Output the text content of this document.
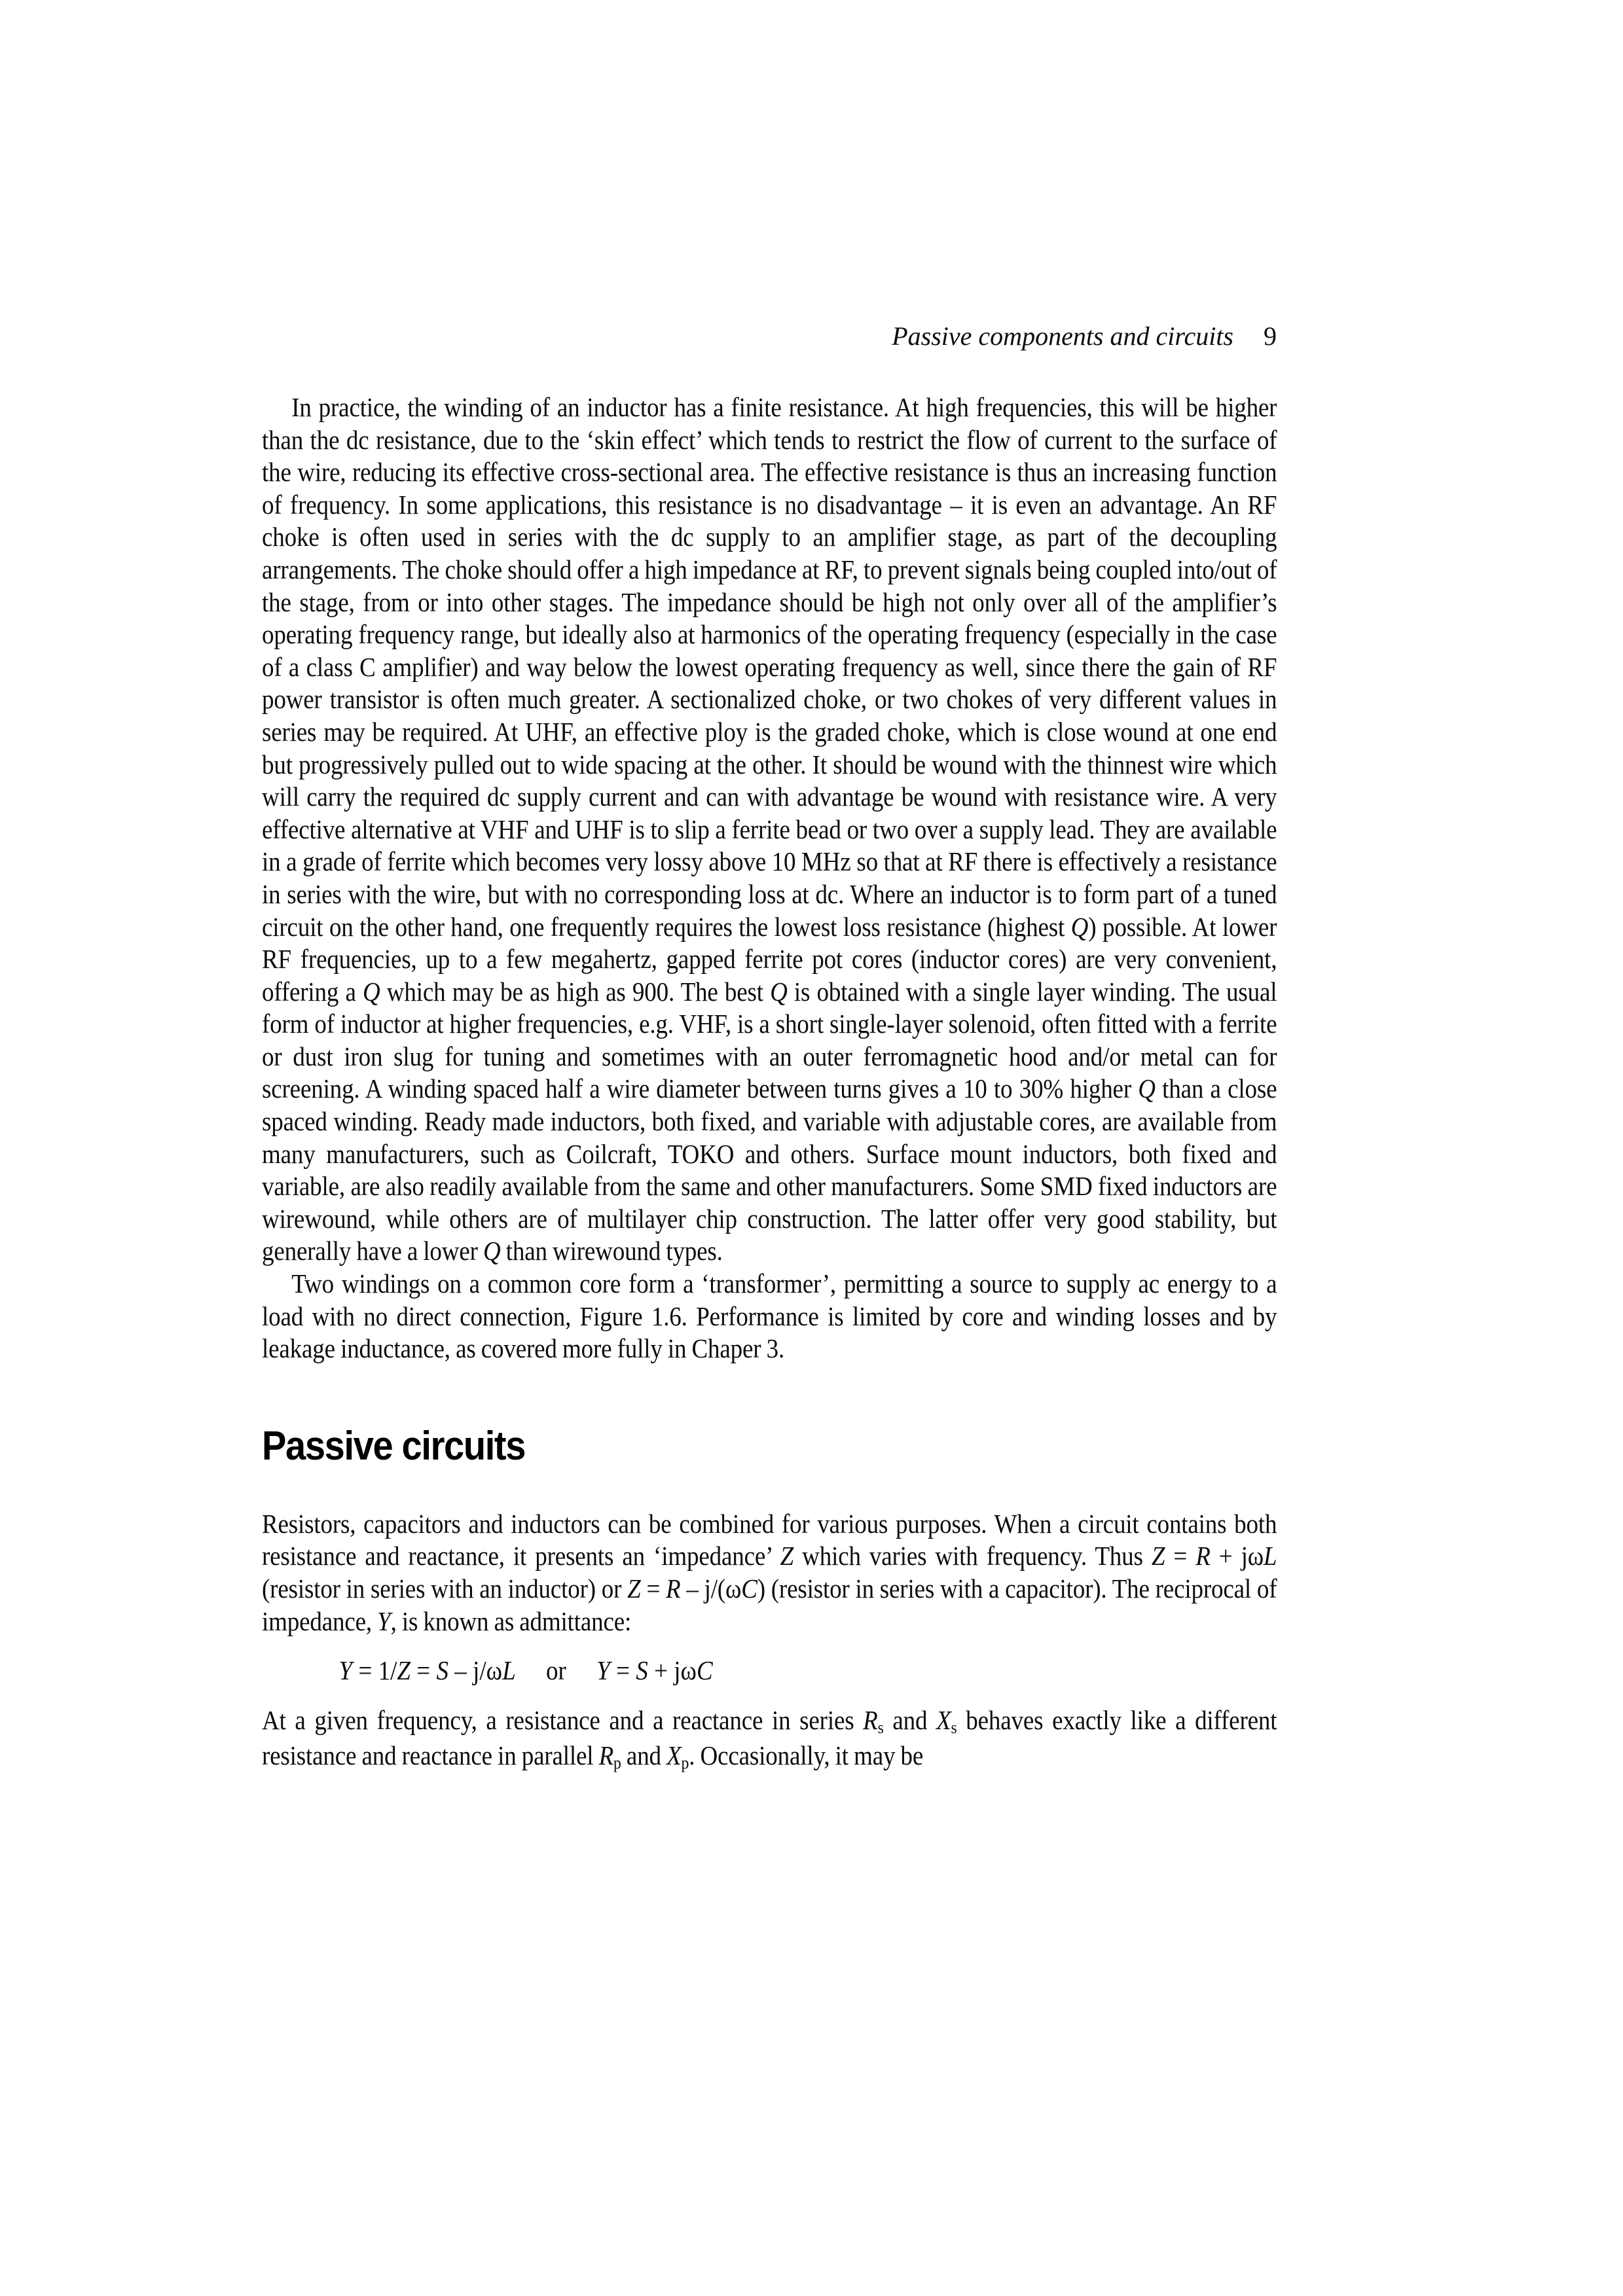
Passive components and circuits 9

In practice, the winding of an inductor has a finite resistance. At high frequencies, this will be higher than the dc resistance, due to the ‘skin effect’ which tends to restrict the flow of current to the surface of the wire, reducing its effective cross-sectional area. The effective resistance is thus an increasing function of frequency. In some applications, this resistance is no disadvantage – it is even an advantage. An RF choke is often used in series with the dc supply to an amplifier stage, as part of the decoupling arrangements. The choke should offer a high impedance at RF, to prevent signals being coupled into/out of the stage, from or into other stages. The impedance should be high not only over all of the amplifier’s operating frequency range, but ideally also at harmonics of the operating frequency (especially in the case of a class C amplifier) and way below the lowest operating frequency as well, since there the gain of RF power transistor is often much greater. A sectionalized choke, or two chokes of very different values in series may be required. At UHF, an effective ploy is the graded choke, which is close wound at one end but progressively pulled out to wide spacing at the other. It should be wound with the thinnest wire which will carry the required dc supply current and can with advantage be wound with resistance wire. A very effective alternative at VHF and UHF is to slip a ferrite bead or two over a supply lead. They are available in a grade of ferrite which becomes very lossy above 10 MHz so that at RF there is effectively a resistance in series with the wire, but with no corresponding loss at dc. Where an inductor is to form part of a tuned circuit on the other hand, one frequently requires the lowest loss resistance (highest Q) possible. At lower RF frequencies, up to a few megahertz, gapped ferrite pot cores (inductor cores) are very convenient, offering a Q which may be as high as 900. The best Q is obtained with a single layer winding. The usual form of inductor at higher frequencies, e.g. VHF, is a short single-layer solenoid, often fitted with a ferrite or dust iron slug for tuning and sometimes with an outer ferromagnetic hood and/or metal can for screening. A winding spaced half a wire diameter between turns gives a 10 to 30% higher Q than a close spaced winding. Ready made inductors, both fixed, and variable with adjustable cores, are available from many manufacturers, such as Coilcraft, TOKO and others. Surface mount inductors, both fixed and variable, are also readily available from the same and other manufacturers. Some SMD fixed inductors are wirewound, while others are of multilayer chip construction. The latter offer very good stability, but generally have a lower Q than wirewound types.

Two windings on a common core form a ‘transformer’, permitting a source to supply ac energy to a load with no direct connection, Figure 1.6. Performance is limited by core and winding losses and by leakage inductance, as covered more fully in Chaper 3.

Passive circuits

Resistors, capacitors and inductors can be combined for various purposes. When a circuit contains both resistance and reactance, it presents an ‘impedance’ Z which varies with frequency. Thus Z = R + jωL (resistor in series with an inductor) or Z = R – j/(ωC) (resistor in series with a capacitor). The reciprocal of impedance, Y, is known as admittance:

Y = 1/Z = S – j/ωL  or  Y = S + jωC

At a given frequency, a resistance and a reactance in series Rs and Xs behaves exactly like a different resistance and reactance in parallel Rp and Xp. Occasionally, it may be
